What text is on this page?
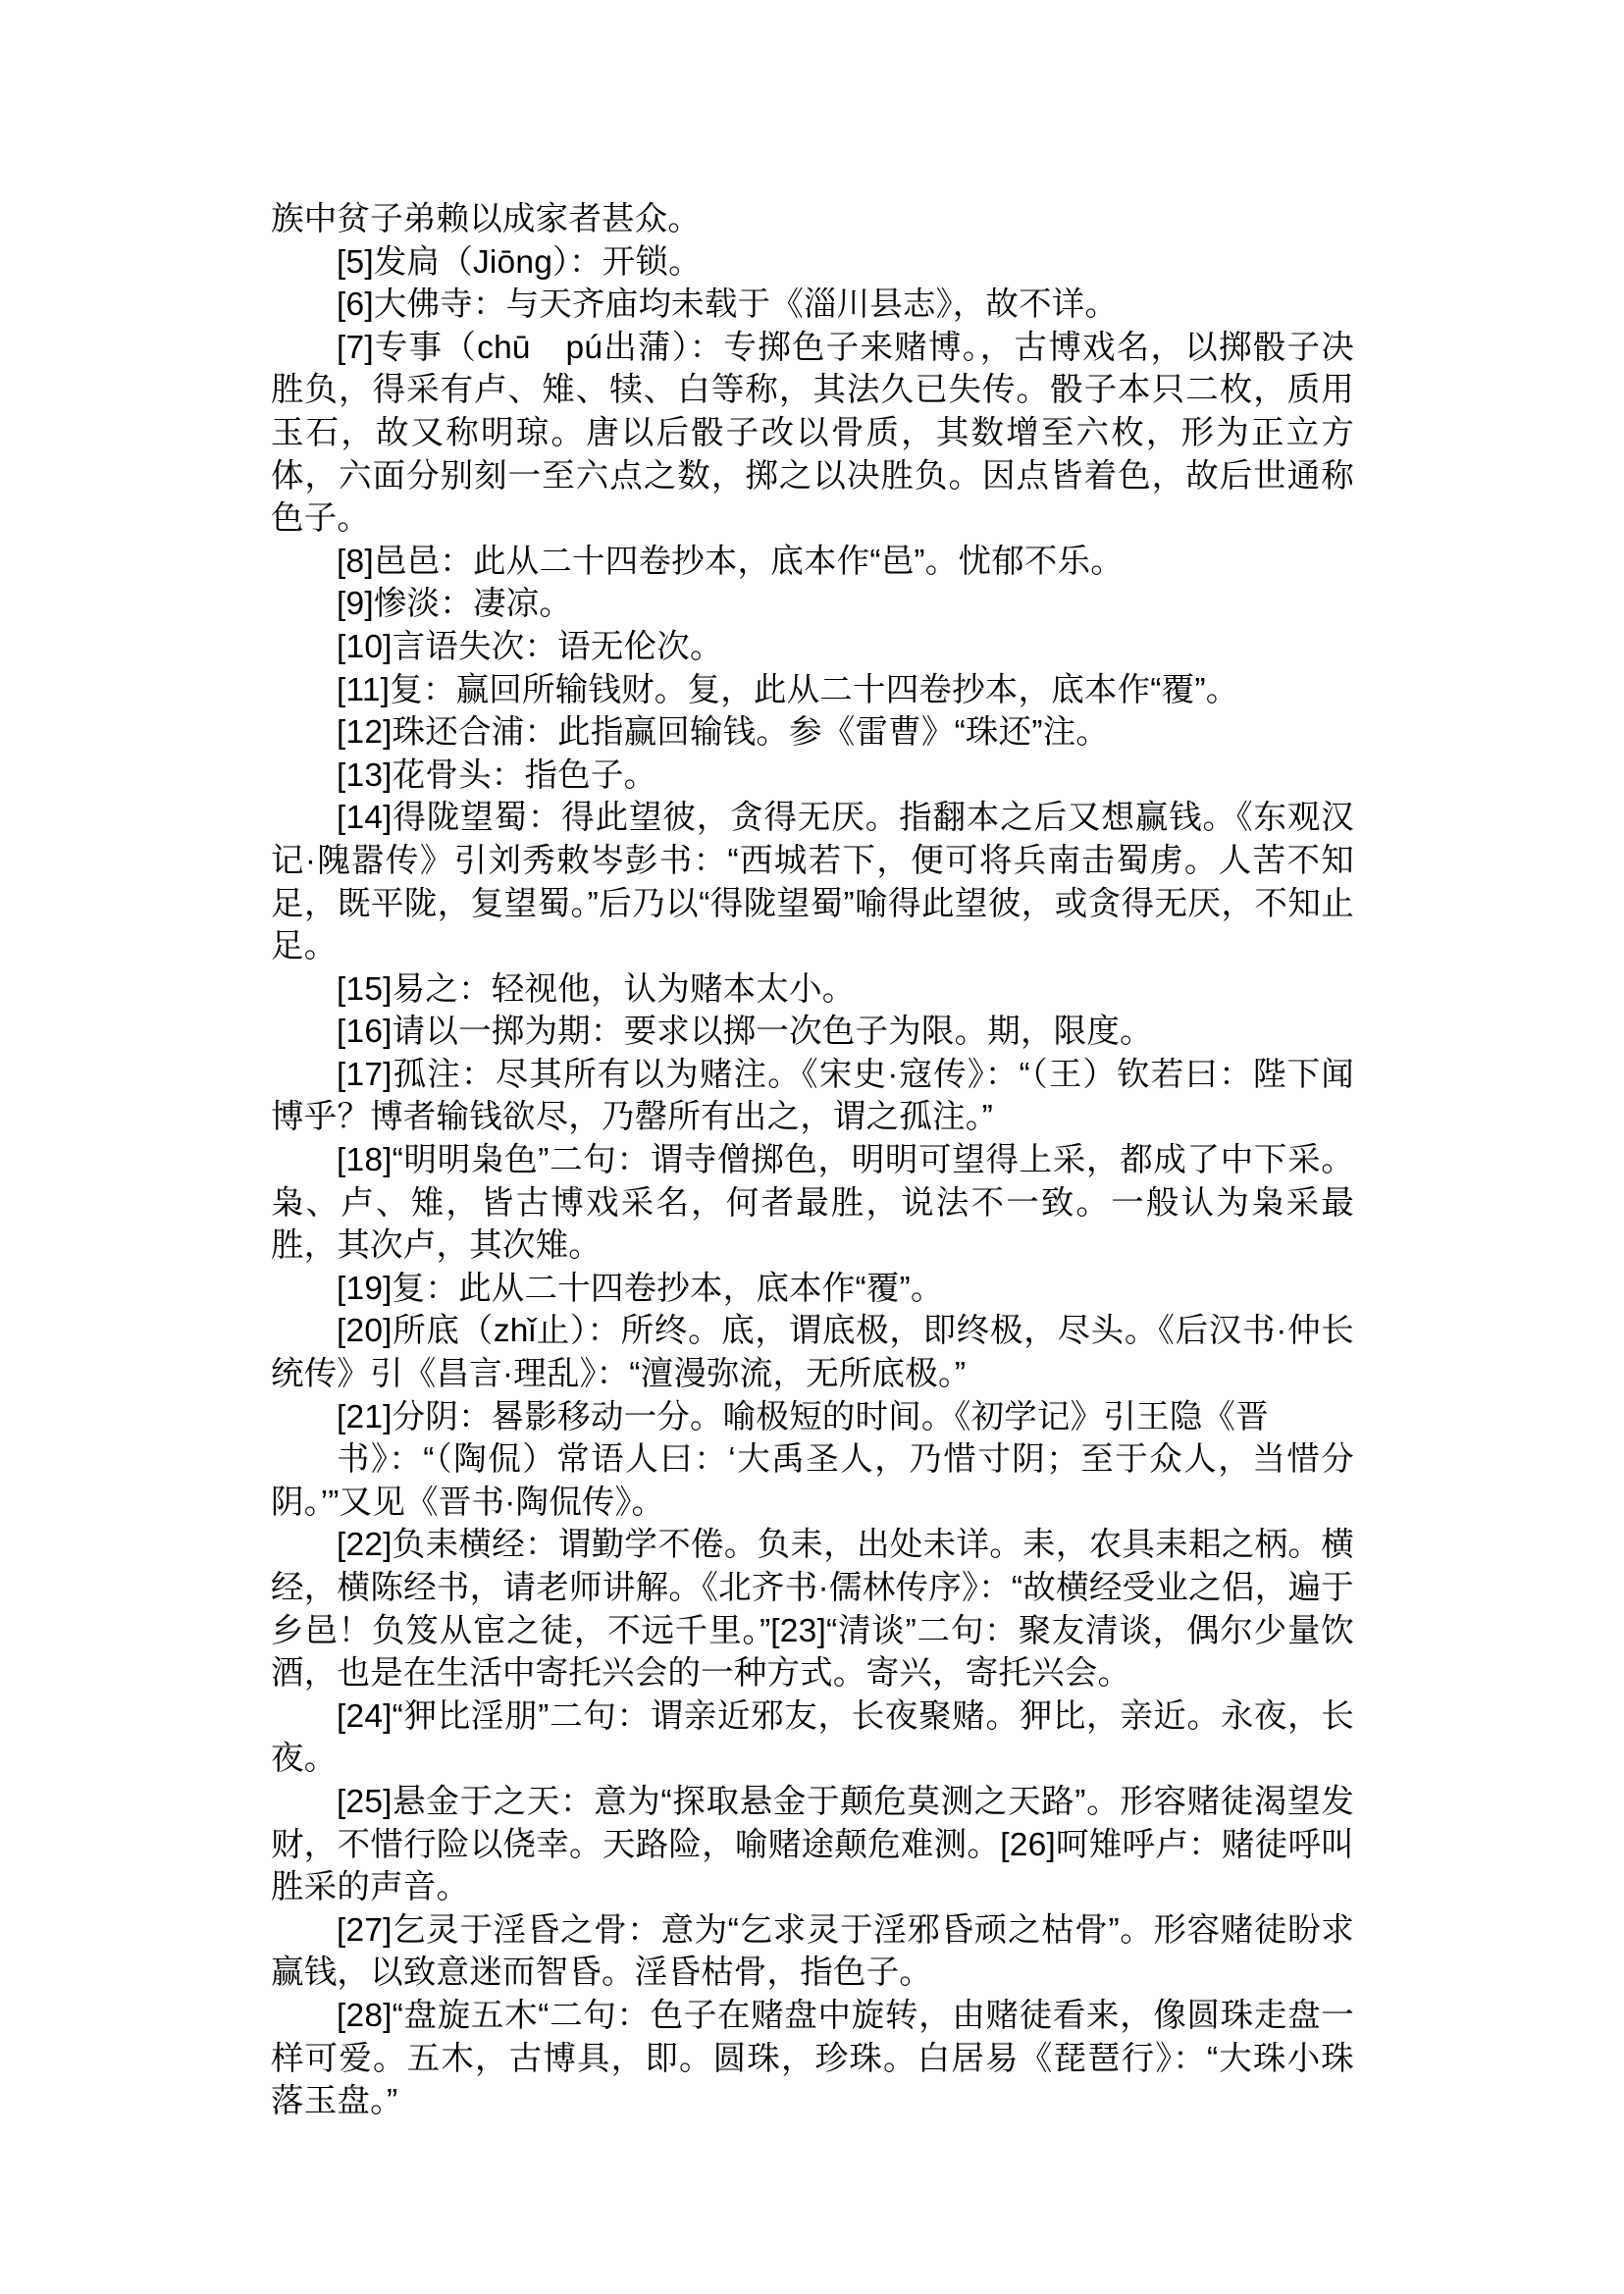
族中贫子弟赖以成家者甚众。

[5]发扃（Jiōng）：开锁。

[6]大佛寺：与天齐庙均未载于《淄川县志》，故不详。

[7]专事（chū　pú出蒲）：专掷色子来赌博。，古博戏名，以掷骰子决胜负，得采有卢、雉、犊、白等称，其法久已失传。骰子本只二枚，质用玉石，故又称明琼。唐以后骰子改以骨质，其数增至六枚，形为正立方体，六面分别刻一至六点之数，掷之以决胜负。因点皆着色，故后世通称色子。

[8]邑邑：此从二十四卷抄本，底本作“邑”。忧郁不乐。

[9]惨淡：凄凉。

[10]言语失次：语无伦次。

[11]复：赢回所输钱财。复，此从二十四卷抄本，底本作“覆”。

[12]珠还合浦：此指赢回输钱。参《雷曹》“珠还”注。

[13]花骨头：指色子。

[14]得陇望蜀：得此望彼，贪得无厌。指翻本之后又想赢钱。《东观汉记·隗嚣传》引刘秀敕岑彭书：“西城若下，便可将兵南击蜀虏。人苦不知足，既平陇，复望蜀。”后乃以“得陇望蜀”喻得此望彼，或贪得无厌，不知止足。

[15]易之：轻视他，认为赌本太小。

[16]请以一掷为期：要求以掷一次色子为限。期，限度。

[17]孤注：尽其所有以为赌注。《宋史·寇传》：“（王）钦若曰：陛下闻博乎？博者输钱欲尽，乃罄所有出之，谓之孤注。”

[18]“明明枭色”二句：谓寺僧掷色，明明可望得上采，都成了中下采。枭、卢、雉，皆古博戏采名，何者最胜，说法不一致。一般认为枭采最胜，其次卢，其次雉。

[19]复：此从二十四卷抄本，底本作“覆”。

[20]所底（zhǐ止）：所终。底，谓底极，即终极，尽头。《后汉书·仲长统传》引《昌言·理乱》：“澶漫弥流，无所底极。”

[21]分阴：晷影移动一分。喻极短的时间。《初学记》引王隐《晋

书》：“（陶侃）常语人曰：‘大禹圣人，乃惜寸阴；至于众人，当惜分阴。’”又见《晋书·陶侃传》。

[22]负耒横经：谓勤学不倦。负耒，出处未详。耒，农具耒耜之柄。横经，横陈经书，请老师讲解。《北齐书·儒林传序》：“故横经受业之侣，遍于乡邑！负笈从宦之徒，不远千里。”[23]“清谈”二句：聚友清谈，偶尔少量饮酒，也是在生活中寄托兴会的一种方式。寄兴，寄托兴会。

[24]“狎比淫朋”二句：谓亲近邪友，长夜聚赌。狎比，亲近。永夜，长夜。

[25]悬金于之天：意为“探取悬金于颠危莫测之天路”。形容赌徒渴望发财，不惜行险以侥幸。天路险，喻赌途颠危难测。[26]呵雉呼卢：赌徒呼叫胜采的声音。

[27]乞灵于淫昏之骨：意为“乞求灵于淫邪昏顽之枯骨”。形容赌徒盼求赢钱，以致意迷而智昏。淫昏枯骨，指色子。

[28]“盘旋五木“二句：色子在赌盘中旋转，由赌徒看来，像圆珠走盘一样可爱。五木，古博具，即。圆珠，珍珠。白居易《琵琶行》：“大珠小珠落玉盘。”
